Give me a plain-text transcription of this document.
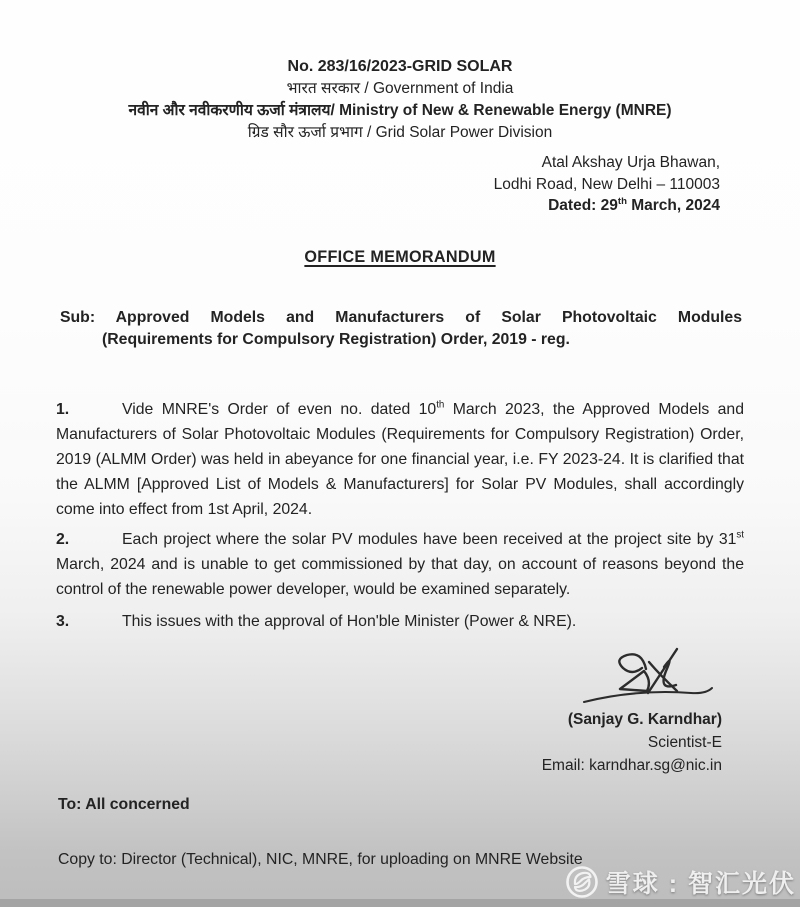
No. 283/16/2023-GRID SOLAR
भारत सरकार / Government of India
नवीन और नवीकरणीय ऊर्जा मंत्रालय/ Ministry of New & Renewable Energy (MNRE)
ग्रिड सौर ऊर्जा प्रभाग / Grid Solar Power Division
Atal Akshay Urja Bhawan,
Lodhi Road, New Delhi – 110003
Dated: 29th March, 2024
OFFICE MEMORANDUM
Sub: Approved Models and Manufacturers of Solar Photovoltaic Modules
(Requirements for Compulsory Registration) Order, 2019 - reg.
1.	Vide MNRE's Order of even no. dated 10th March 2023, the Approved Models and Manufacturers of Solar Photovoltaic Modules (Requirements for Compulsory Registration) Order, 2019 (ALMM Order) was held in abeyance for one financial year, i.e. FY 2023-24. It is clarified that the ALMM [Approved List of Models & Manufacturers] for Solar PV Modules, shall accordingly come into effect from 1st April, 2024.
2.	Each project where the solar PV modules have been received at the project site by 31st March, 2024 and is unable to get commissioned by that day, on account of reasons beyond the control of the renewable power developer, would be examined separately.
3.	This issues with the approval of Hon'ble Minister (Power & NRE).
(Sanjay G. Karndhar)
Scientist-E
Email: karndhar.sg@nic.in
To: All concerned
Copy to: Director (Technical), NIC, MNRE, for uploading on MNRE Website
雪球 : 智汇光伏
